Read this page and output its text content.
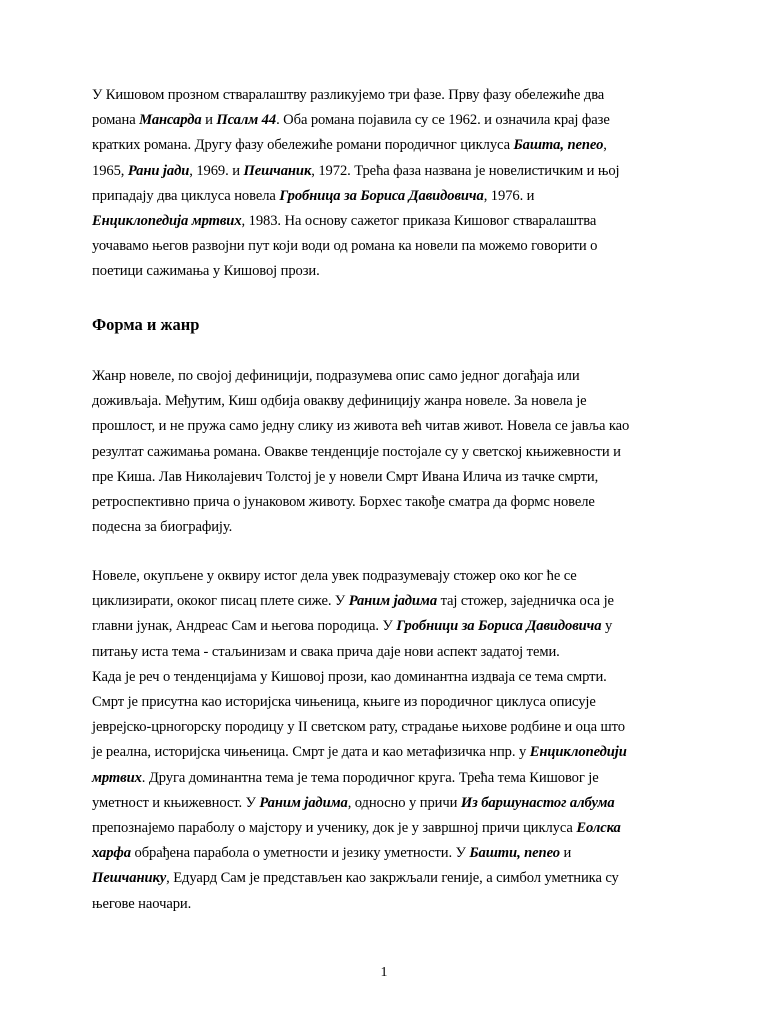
У Кишовом прозном стваралаштву разликујемо три фазе. Прву фазу обележиће два
романа Мансарда и Псалм 44. Оба романа појавила су се 1962. и означила крај фазе
кратких романа. Другу фазу обележиће романи породичног циклуса Башта, пепео,
1965, Рани јади, 1969. и Пешчаник, 1972. Трећа фаза названа је новелистичким и њој
припадају два циклуса новела Гробница за Бориса Давидовича, 1976. и
Енциклопедија мртвих, 1983. На основу сажетог приказа Кишовог стваралаштва
уочавамо његов развојни пут који води од романа ка новели па можемо говорити о
поетици сажимања у Кишовој прози.
Форма и жанр
Жанр новеле, по својој дефиницији, подразумева опис само једног догађаја или
доживљаја. Међутим, Киш одбија овакву дефиницију жанра новеле. За новела је
прошлост, и не пружа само једну слику из живота већ читав живот. Новела се јавља као
резултат сажимања романа. Овакве тенденције постојале су у светској књижевности и
пре Киша. Лав Николајевич Толстој је у новели Смрт Ивана Илича из тачке смрти,
ретроспективно прича о јунаковом животу. Борхес такође сматра да формс новеле
подесна за биографију.
Новеле, окупљене у оквиру истог дела увек подразумевају стожер око ког ће се
циклизирати, ококог писац плете сиже. У Раним јадима тај стожер, заједничка оса је
главни јунак, Андреас Сам и његова породица. У Гробници за Бориса Давидовича у
питању иста тема - стаљинизам и свака прича даје нови аспект задатој теми.
Када је реч о тенденцијама у Кишовој прози, као доминантна издваја се тема смрти.
Смрт је присутна као историјска чињеница, књиге из породичног циклуса описује
јеврејско-црногорску породицу у II светском рату, страдање њихове родбине и оца што
је реална, историјска чињеница. Смрт је дата и као метафизичка нпр. у Енциклопедији
мртвих. Друга доминантна тема је тема породичног круга. Трећа тема Кишовог је
уметност и књижевност. У Раним јадима, односно у причи Из баршунастог албума
препознајемо параболу о мајстору и ученику, док је у завршној причи циклуса Еолска
харфа обрађена парабола о уметности и језику уметности. У Башти, пепео и
Пешчанику, Едуард Сам је представљен као закржљали геније, а симбол уметника су
његове наочари.
1
